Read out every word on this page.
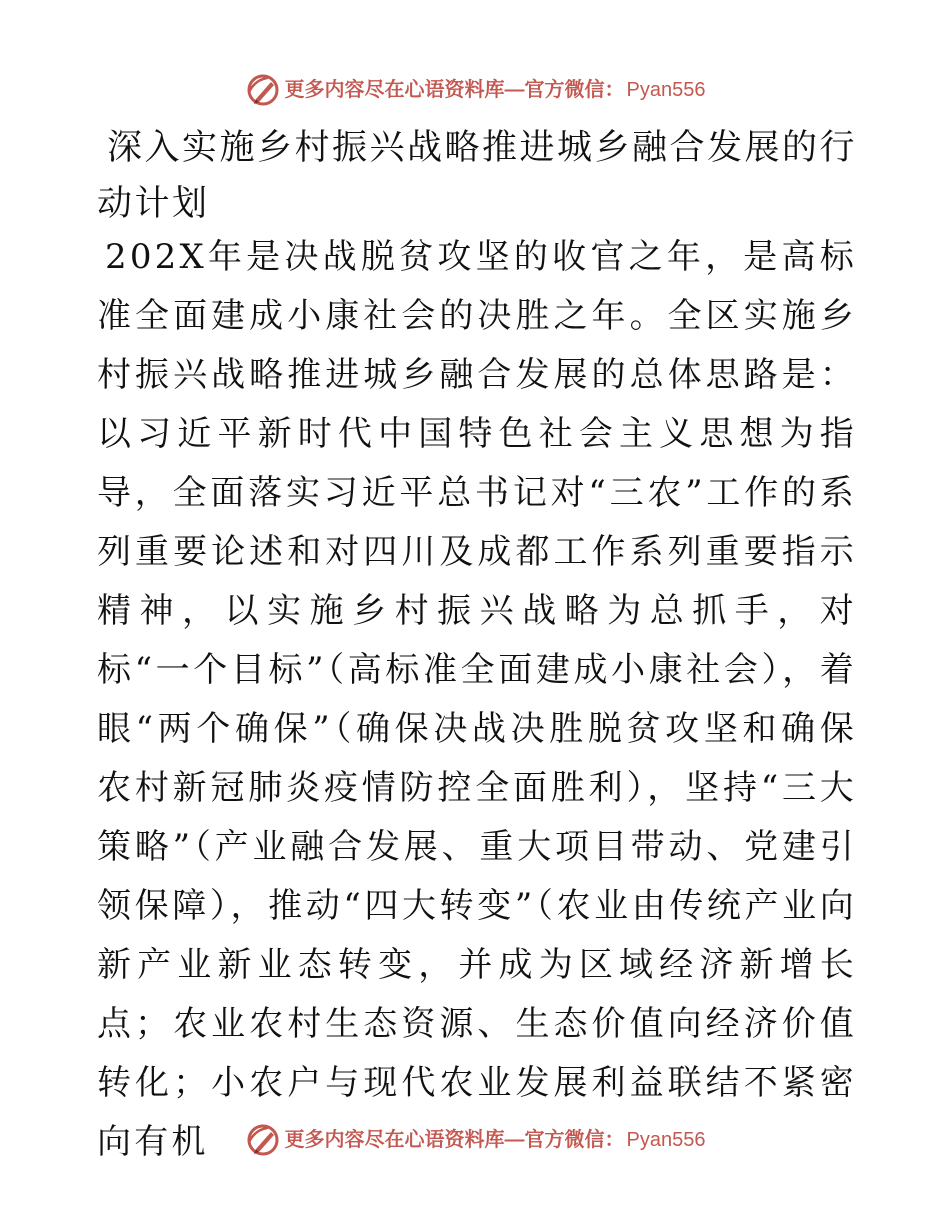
更多内容尽在心语资料库 — 官方微信： Pyan556
深入实施乡村振兴战略推进城乡融合发展的行动计划

202X年是决战脱贫攻坚的收官之年，是高标准全面建成小康社会的决胜之年。全区实施乡村振兴战略推进城乡融合发展的总体思路是：以习近平新时代中国特色社会主义思想为指导，全面落实习近平总书记对“三农”工作的系列重要论述和对四川及成都工作系列重要指示精神，以实施乡村振兴战略为总抓手，对标“一个目标”（高标准全面建成小康社会），着眼“两个确保”（确保决战决胜脱贫攻坚和确保农村新冠肺炎疫情防控全面胜利），坚持“三大策略”（产业融合发展、重大项目带动、党建引领保障），推动“四大转变”（农业由传统产业向新产业新业态转变，并成为区域经济新增长点；农业农村生态资源、生态价值向经济价值转化；小农户与现代农业发展利益联结不紧密向有机	更多内容尽在心语资料库 — 官方微信： Pyan556
